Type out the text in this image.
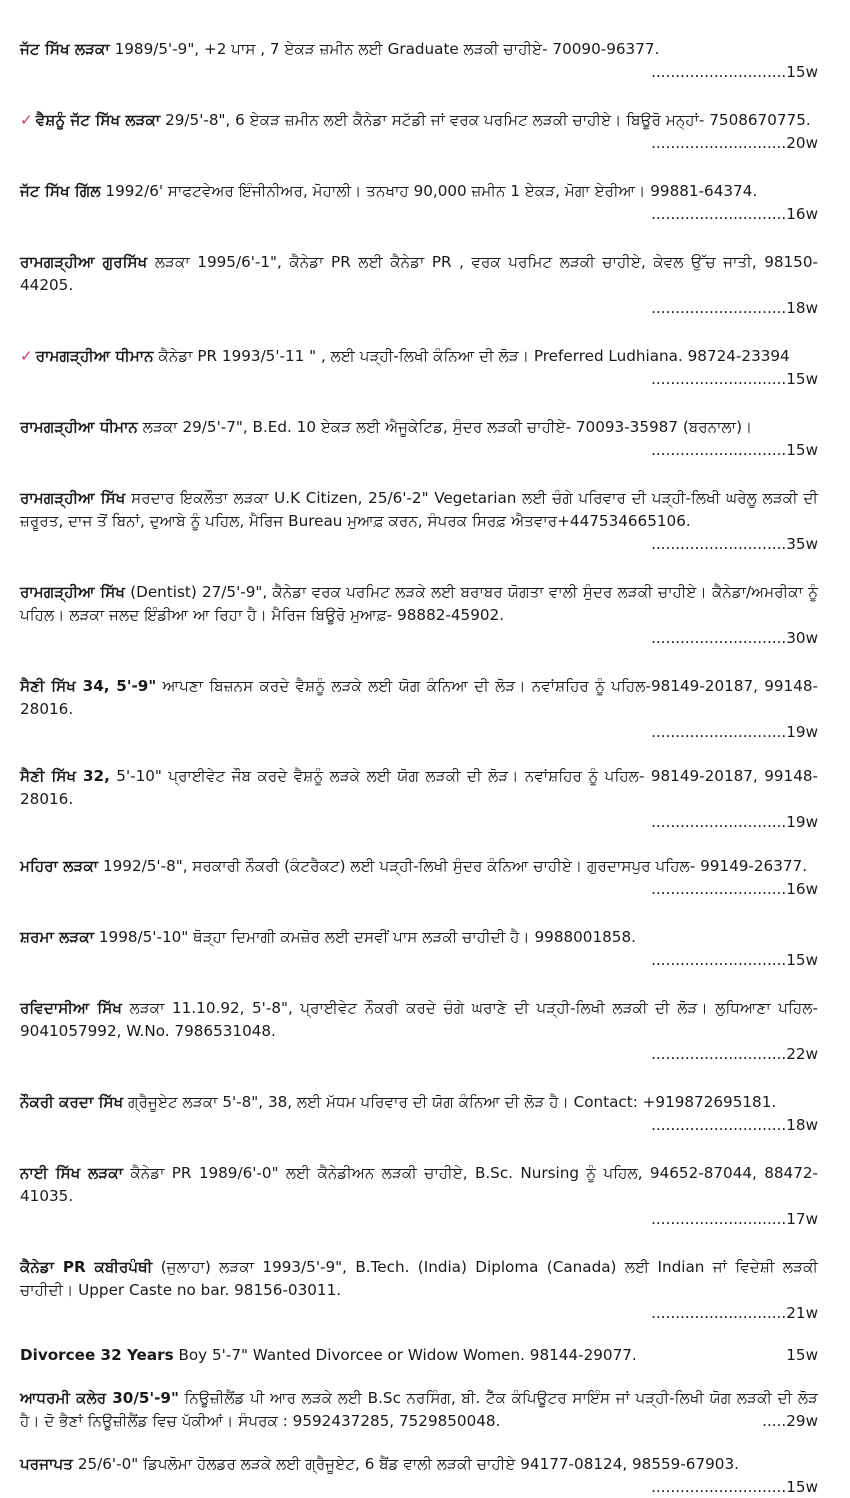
ਜੱਟ ਸਿੱਖ ਲੜਕਾ 1989/5'-9", +2 ਪਾਸ , 7 ਏਕੜ ਜ਼ਮੀਨ ਲਈ Graduate ਲੜਕੀ ਚਾਹੀਏ- 70090-96377.
............................15w
✓ ਵੈਸ਼ਨੂੰ ਜੱਟ ਸਿੱਖ ਲੜਕਾ 29/5'-8", 6 ਏਕੜ ਜ਼ਮੀਨ ਲਈ ਕੈਨੇਡਾ ਸਟੱਡੀ ਜਾਂ ਵਰਕ ਪਰਮਿਟ ਲੜਕੀ ਚਾਹੀਏ। ਬਿਊਰੋ ਮਨ੍ਹਾਂ- 7508670775.
............................20w
ਜੱਟ ਸਿੱਖ ਗਿੱਲ 1992/6' ਸਾਫਟਵੇਅਰ ਇੰਜੀਨੀਅਰ, ਮੋਹਾਲੀ। ਤਨਖਾਹ 90,000 ਜ਼ਮੀਨ 1 ਏਕੜ, ਮੋਗਾ ਏਰੀਆ। 99881-64374.
............................16w
ਰਾਮਗੜ੍ਹੀਆ ਗੁਰਸਿੱਖ ਲੜਕਾ 1995/6'-1", ਕੈਨੇਡਾ PR ਲਈ ਕੈਨੇਡਾ PR , ਵਰਕ ਪਰਮਿਟ ਲੜਕੀ ਚਾਹੀਏ, ਕੇਵਲ ਉੱਚ ਜਾਤੀ, 98150-44205.
............................18w
✓ ਰਾਮਗੜ੍ਹੀਆ ਧੀਮਾਨ ਕੈਨੇਡਾ PR 1993/5'-11 " , ਲਈ ਪੜ੍ਹੀ-ਲਿਖੀ ਕੰਨਿਆ ਦੀ ਲੋੜ। Preferred Ludhiana. 98724-23394
............................15w
ਰਾਮਗੜ੍ਹੀਆ ਧੀਮਾਨ ਲੜਕਾ 29/5'-7", B.Ed. 10 ਏਕੜ ਲਈ ਐਜੂਕੇਟਿਡ, ਸੁੰਦਰ ਲੜਕੀ ਚਾਹੀਏ- 70093-35987 (ਬਰਨਾਲਾ)।
............................15w
ਰਾਮਗੜ੍ਹੀਆ ਸਿੱਖ ਸਰਦਾਰ ਇਕਲੌਤਾ ਲੜਕਾ U.K Citizen, 25/6'-2" Vegetarian ਲਈ ਚੰਗੇ ਪਰਿਵਾਰ ਦੀ ਪੜ੍ਹੀ-ਲਿਖੀ ਘਰੇਲੂ ਲੜਕੀ ਦੀ ਜ਼ਰੂਰਤ, ਦਾਜ ਤੋਂ ਬਿਨਾਂ, ਦੁਆਬੇ ਨੂੰ ਪਹਿਲ, ਮੈਰਿਜ Bureau ਮੁਆਫ਼ ਕਰਨ, ਸੰਪਰਕ ਸਿਰਫ਼ ਐਤਵਾਰ+447534665106.
............................35w
ਰਾਮਗੜ੍ਹੀਆ ਸਿੱਖ (Dentist) 27/5'-9", ਕੈਨੇਡਾ ਵਰਕ ਪਰਮਿਟ ਲੜਕੇ ਲਈ ਬਰਾਬਰ ਯੋਗਤਾ ਵਾਲੀ ਸੁੰਦਰ ਲੜਕੀ ਚਾਹੀਏ। ਕੈਨੇਡਾ/ਅਮਰੀਕਾ ਨੂੰ ਪਹਿਲ। ਲੜਕਾ ਜਲਦ ਇੰਡੀਆ ਆ ਰਿਹਾ ਹੈ। ਮੈਰਿਜ ਬਿਊਰੋ ਮੁਆਫ਼- 98882-45902.
............................30w
ਸੈਣੀ ਸਿੱਖ 34, 5'-9" ਆਪਣਾ ਬਿਜ਼ਨਸ ਕਰਦੇ ਵੈਸ਼ਨੂੰ ਲੜਕੇ ਲਈ ਯੋਗ ਕੰਨਿਆ ਦੀ ਲੋੜ। ਨਵਾਂਸ਼ਹਿਰ ਨੂੰ ਪਹਿਲ-98149-20187, 99148-28016.
............................19w
ਸੈਣੀ ਸਿੱਖ 32, 5'-10" ਪ੍ਰਾਈਵੇਟ ਜੌਬ ਕਰਦੇ ਵੈਸ਼ਨੂੰ ਲੜਕੇ ਲਈ ਯੋਗ ਲੜਕੀ ਦੀ ਲੋੜ। ਨਵਾਂਸ਼ਹਿਰ ਨੂੰ ਪਹਿਲ- 98149-20187, 99148-28016.
............................19w
ਮਹਿਰਾ ਲੜਕਾ 1992/5'-8", ਸਰਕਾਰੀ ਨੌਕਰੀ (ਕੰਟਰੈਕਟ) ਲਈ ਪੜ੍ਹੀ-ਲਿਖੀ ਸੁੰਦਰ ਕੰਨਿਆ ਚਾਹੀਏ। ਗੁਰਦਾਸਪੁਰ ਪਹਿਲ- 99149-26377.
............................16w
ਸ਼ਰਮਾ ਲੜਕਾ 1998/5'-10" ਥੋੜ੍ਹਾ ਦਿਮਾਗੀ ਕਮਜ਼ੋਰ ਲਈ ਦਸਵੀਂ ਪਾਸ ਲੜਕੀ ਚਾਹੀਦੀ ਹੈ। 9988001858.
............................15w
ਰਵਿਦਾਸੀਆ ਸਿੱਖ ਲੜਕਾ 11.10.92, 5'-8", ਪ੍ਰਾਈਵੇਟ ਨੌਕਰੀ ਕਰਦੇ ਚੰਗੇ ਘਰਾਣੇ ਦੀ ਪੜ੍ਹੀ-ਲਿਖੀ ਲੜਕੀ ਦੀ ਲੋੜ। ਲੁਧਿਆਣਾ ਪਹਿਲ- 9041057992, W.No. 7986531048.
............................22w
ਨੌਕਰੀ ਕਰਦਾ ਸਿੱਖ ਗ੍ਰੈਜੂਏਟ ਲੜਕਾ 5'-8", 38, ਲਈ ਮੱਧਮ ਪਰਿਵਾਰ ਦੀ ਯੋਗ ਕੰਨਿਆ ਦੀ ਲੋੜ ਹੈ। Contact: +919872695181.
............................18w
ਨਾਈ ਸਿੱਖ ਲੜਕਾ ਕੈਨੇਡਾ PR 1989/6'-0" ਲਈ ਕੈਨੇਡੀਅਨ ਲੜਕੀ ਚਾਹੀਏ, B.Sc. Nursing ਨੂੰ ਪਹਿਲ, 94652-87044, 88472-41035.
............................17w
ਕੈਨੇਡਾ PR ਕਬੀਰਪੰਥੀ (ਜੁਲਾਹਾ) ਲੜਕਾ 1993/5'-9", B.Tech. (India) Diploma (Canada) ਲਈ Indian ਜਾਂ ਵਿਦੇਸ਼ੀ ਲੜਕੀ ਚਾਹੀਦੀ। Upper Caste no bar. 98156-03011.
............................21w
Divorcee 32 Years Boy 5'-7" Wanted Divorcee or Widow Women. 98144-29077.	15w
ਆਧਰਮੀ ਕਲੇਰ 30/5'-9" ਨਿਊਜ਼ੀਲੈਂਡ ਪੀ ਆਰ ਲੜਕੇ ਲਈ B.Sc ਨਰਸਿੰਗ, ਬੀ. ਟੈੱਕ ਕੰਪਿਊਟਰ ਸਾਇੰਸ ਜਾਂ ਪੜ੍ਹੀ-ਲਿਖੀ ਯੋਗ ਲੜਕੀ ਦੀ ਲੋੜ ਹੈ। ਦੋ ਭੈਣਾਂ ਨਿਊਜ਼ੀਲੈਂਡ ਵਿਚ ਪੱਕੀਆਂ। ਸੰਪਰਕ : 9592437285, 7529850048.	.....29w
ਪਰਜਾਪਤ 25/6'-0" ਡਿਪਲੋਮਾ ਹੋਲਡਰ ਲੜਕੇ ਲਈ ਗ੍ਰੈਜੂਏਟ, 6 ਬੈਂਡ ਵਾਲੀ ਲੜਕੀ ਚਾਹੀਏ 94177-08124, 98559-67903.
............................15w
